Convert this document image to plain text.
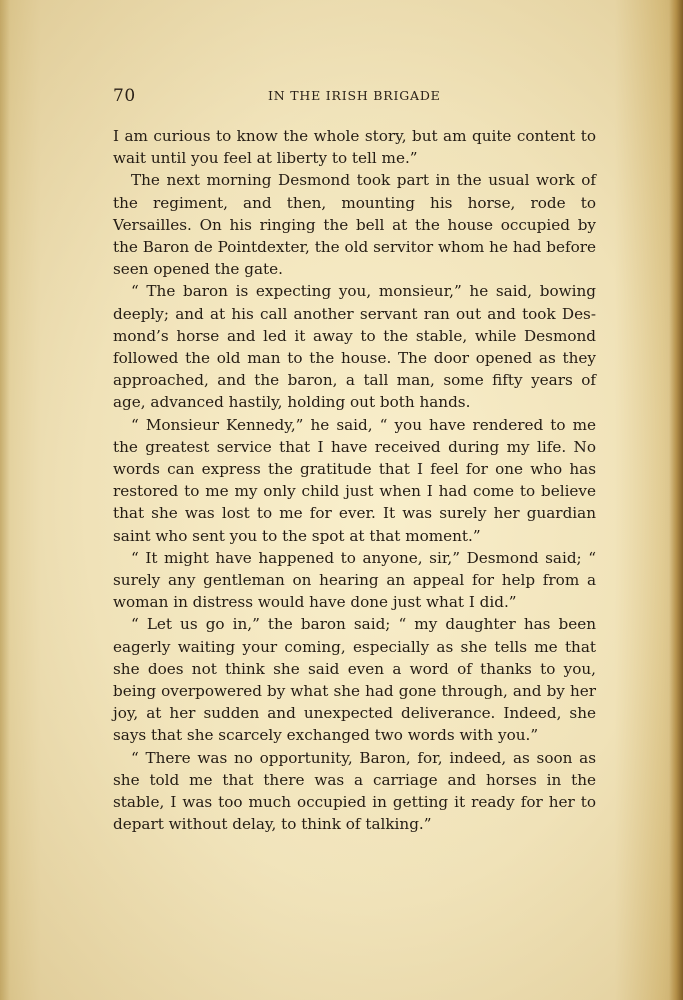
70	IN THE IRISH BRIGADE

I am curious to know the whole story, but am quite content to wait until you feel at liberty to tell me.”

The next morning Desmond took part in the usual work of the regiment, and then, mounting his horse, rode to Versailles. On his ringing the bell at the house occupied by the Baron de Pointdexter, the old servitor whom he had before seen opened the gate.

“ The baron is expecting you, monsieur,” he said, bowing deeply; and at his call another servant ran out and took Desmond’s horse and led it away to the stable, while Desmond followed the old man to the house. The door opened as they approached, and the baron, a tall man, some fifty years of age, advanced hastily, holding out both hands.

“ Monsieur Kennedy,” he said, “ you have rendered to me the greatest service that I have received during my life. No words can express the gratitude that I feel for one who has restored to me my only child just when I had come to believe that she was lost to me for ever. It was surely her guardian saint who sent you to the spot at that moment.”

“ It might have happened to anyone, sir,” Desmond said; “ surely any gentleman on hearing an appeal for help from a woman in distress would have done just what I did.”

“ Let us go in,” the baron said; “ my daughter has been eagerly waiting your coming, especially as she tells me that she does not think she said even a word of thanks to you, being overpowered by what she had gone through, and by her joy, at her sudden and unexpected deliverance. Indeed, she says that she scarcely exchanged two words with you.”

“ There was no opportunity, Baron, for, indeed, as soon as she told me that there was a carriage and horses in the stable, I was too much occupied in getting it ready for her to depart without delay, to think of talking.”
